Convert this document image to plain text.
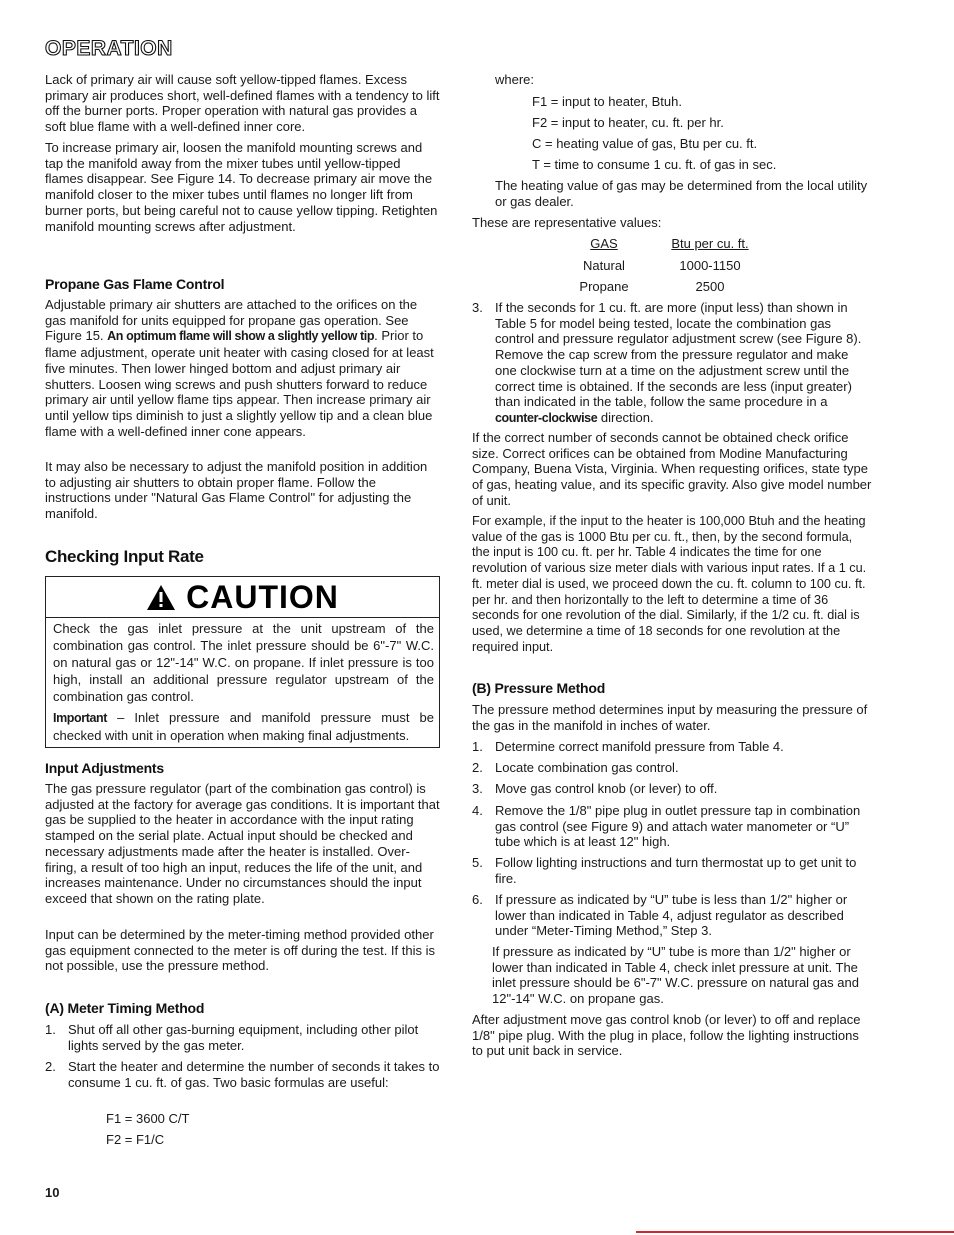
OPERATION

Lack of primary air will cause soft yellow-tipped flames. Excess primary air produces short, well-defined flames with a tendency to lift off the burner ports. Proper operation with natural gas provides a soft blue flame with a well-defined inner core.

To increase primary air, loosen the manifold mounting screws and tap the manifold away from the mixer tubes until yellow-tipped flames disappear. See Figure 14. To decrease primary air move the manifold closer to the mixer tubes until flames no longer lift from burner ports, but being careful not to cause yellow tipping. Retighten manifold mounting screws after adjustment.

Propane Gas Flame Control

Adjustable primary air shutters are attached to the orifices on the gas manifold for units equipped for propane gas operation. See Figure 15. An optimum flame will show a slightly yellow tip. Prior to flame adjustment, operate unit heater with casing closed for at least five minutes. Then lower hinged bottom and adjust primary air shutters. Loosen wing screws and push shutters forward to reduce primary air until yellow flame tips appear. Then increase primary air until yellow tips diminish to just a slightly yellow tip and a clean blue flame with a well-defined inner cone appears.

It may also be necessary to adjust the manifold position in addition to adjusting air shutters to obtain proper flame. Follow the instructions under "Natural Gas Flame Control" for adjusting the manifold.

Checking Input Rate
CAUTION

Check the gas inlet pressure at the unit upstream of the combination gas control. The inlet pressure should be 6"-7" W.C. on natural gas or 12"-14" W.C. on propane. If inlet pressure is too high, install an additional pressure regulator upstream of the combination gas control.

Important – Inlet pressure and manifold pressure must be checked with unit in operation when making final adjustments.

Input Adjustments

The gas pressure regulator (part of the combination gas control) is adjusted at the factory for average gas conditions. It is important that gas be supplied to the heater in accordance with the input rating stamped on the serial plate. Actual input should be checked and necessary adjustments made after the heater is installed. Over-firing, a result of too high an input, reduces the life of the unit, and increases maintenance. Under no circumstances should the input exceed that shown on the rating plate.

Input can be determined by the meter-timing method provided other gas equipment connected to the meter is off during the test. If this is not possible, use the pressure method.

(A) Meter Timing Method
1. Shut off all other gas-burning equipment, including other pilot lights served by the gas meter.
2. Start the heater and determine the number of seconds it takes to consume 1 cu. ft. of gas. Two basic formulas are useful:
F1 = 3600 C/T
F2 = F1/C
where:
F1 = input to heater, Btuh.
F2 = input to heater, cu. ft. per hr.
C = heating value of gas, Btu per cu. ft.
T = time to consume 1 cu. ft. of gas in sec.

The heating value of gas may be determined from the local utility or gas dealer.

These are representative values:

GAS	Btu per cu. ft.
Natural	1000-1150
Propane	2500
3. If the seconds for 1 cu. ft. are more (input less) than shown in Table 5 for model being tested, locate the combination gas control and pressure regulator adjustment screw (see Figure 8). Remove the cap screw from the pressure regulator and make one clockwise turn at a time on the adjustment screw until the correct time is obtained. If the seconds are less (input greater) than indicated in the table, follow the same procedure in a counter-clockwise direction.

If the correct number of seconds cannot be obtained check orifice size. Correct orifices can be obtained from Modine Manufacturing Company, Buena Vista, Virginia. When requesting orifices, state type of gas, heating value, and its specific gravity. Also give model number of unit.

For example, if the input to the heater is 100,000 Btuh and the heating value of the gas is 1000 Btu per cu. ft., then, by the second formula, the input is 100 cu. ft. per hr. Table 4 indicates the time for one revolution of various size meter dials with various input rates. If a 1 cu. ft. meter dial is used, we proceed down the cu. ft. column to 100 cu. ft. per hr. and then horizontally to the left to determine a time of 36 seconds for one revolution of the dial. Similarly, if the 1/2 cu. ft. dial is used, we determine a time of 18 seconds for one revolution at the required input.

(B) Pressure Method

The pressure method determines input by measuring the pressure of the gas in the manifold in inches of water.

1. Determine correct manifold pressure from Table 4.
2. Locate combination gas control.
3. Move gas control knob (or lever) to off.
4. Remove the 1/8" pipe plug in outlet pressure tap in combination gas control (see Figure 9) and attach water manometer or “U” tube which is at least 12" high.
5. Follow lighting instructions and turn thermostat up to get unit to fire.
6. If pressure as indicated by “U” tube is less than 1/2" higher or lower than indicated in Table 4, adjust regulator as described under “Meter-Timing Method,” Step 3.

If pressure as indicated by “U” tube is more than 1/2" higher or lower than indicated in Table 4, check inlet pressure at unit. The inlet pressure should be 6"-7" W.C. pressure on natural gas and 12"-14" W.C. on propane gas.

After adjustment move gas control knob (or lever) to off and replace 1/8" pipe plug. With the plug in place, follow the lighting instructions to put unit back in service.

10
